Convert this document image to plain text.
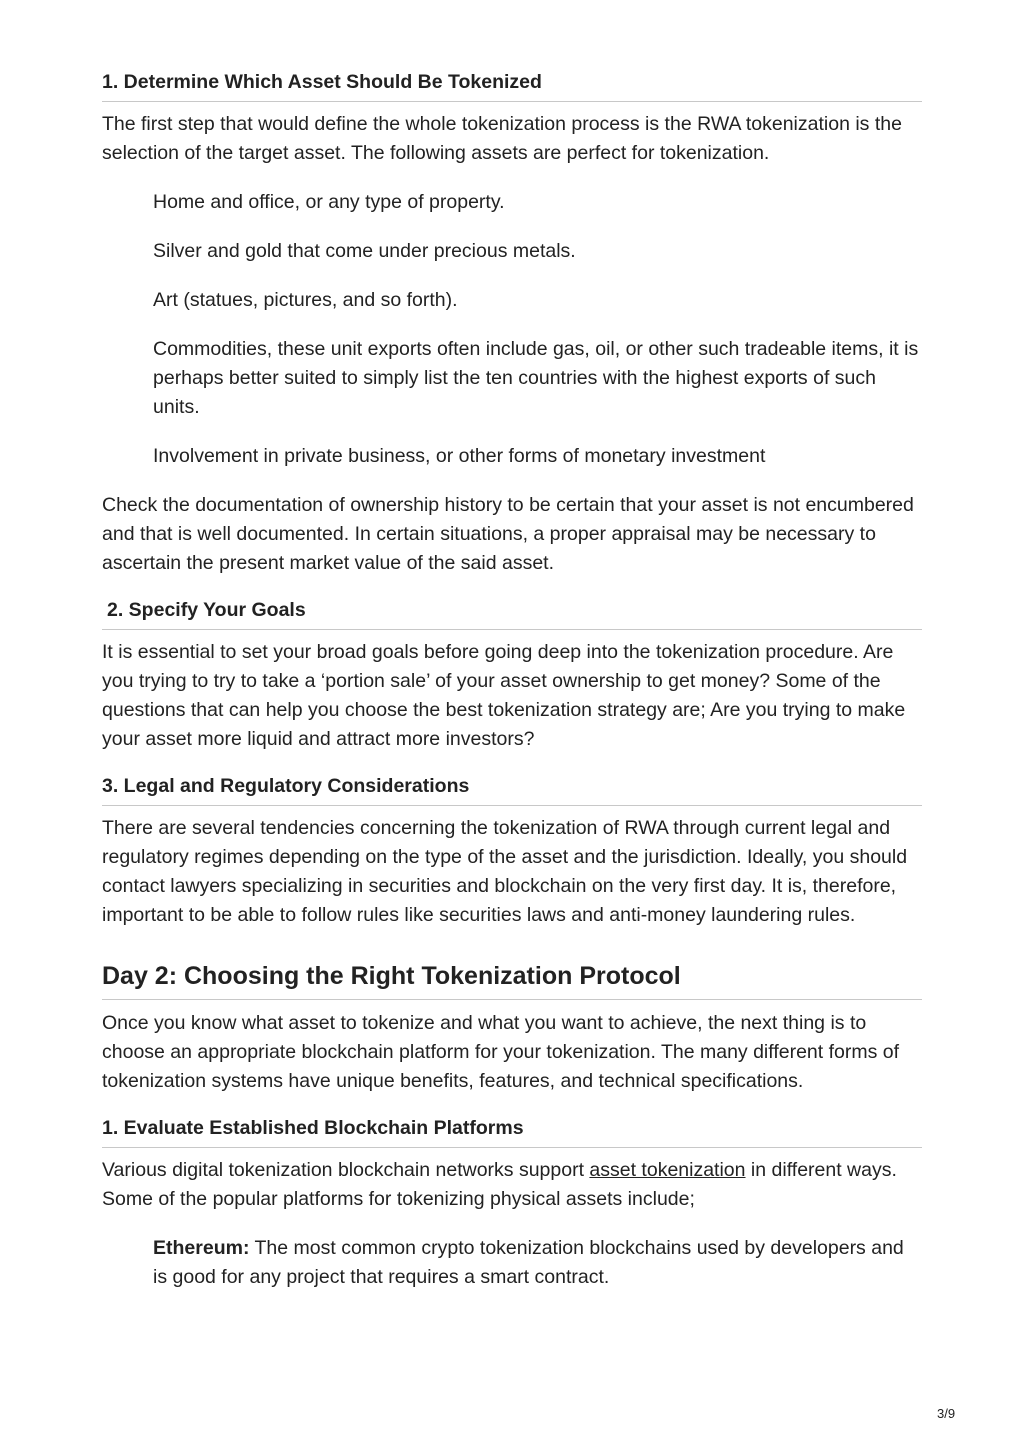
1. Determine Which Asset Should Be Tokenized

The first step that would define the whole tokenization process is the RWA tokenization is the selection of the target asset. The following assets are perfect for tokenization.

Home and office, or any type of property.
Silver and gold that come under precious metals.
Art (statues, pictures, and so forth).
Commodities, these unit exports often include gas, oil, or other such tradeable items, it is perhaps better suited to simply list the ten countries with the highest exports of such units.
Involvement in private business, or other forms of monetary investment

Check the documentation of ownership history to be certain that your asset is not encumbered and that is well documented. In certain situations, a proper appraisal may be necessary to ascertain the present market value of the said asset.

2. Specify Your Goals

It is essential to set your broad goals before going deep into the tokenization procedure. Are you trying to try to take a ‘portion sale’ of your asset ownership to get money? Some of the questions that can help you choose the best tokenization strategy are; Are you trying to make your asset more liquid and attract more investors?

3. Legal and Regulatory Considerations

There are several tendencies concerning the tokenization of RWA through current legal and regulatory regimes depending on the type of the asset and the jurisdiction. Ideally, you should contact lawyers specializing in securities and blockchain on the very first day. It is, therefore, important to be able to follow rules like securities laws and anti-money laundering rules.

Day 2: Choosing the Right Tokenization Protocol

Once you know what asset to tokenize and what you want to achieve, the next thing is to choose an appropriate blockchain platform for your tokenization. The many different forms of tokenization systems have unique benefits, features, and technical specifications.

1. Evaluate Established Blockchain Platforms

Various digital tokenization blockchain networks support asset tokenization in different ways. Some of the popular platforms for tokenizing physical assets include;

Ethereum: The most common crypto tokenization blockchains used by developers and is good for any project that requires a smart contract.
3/9
